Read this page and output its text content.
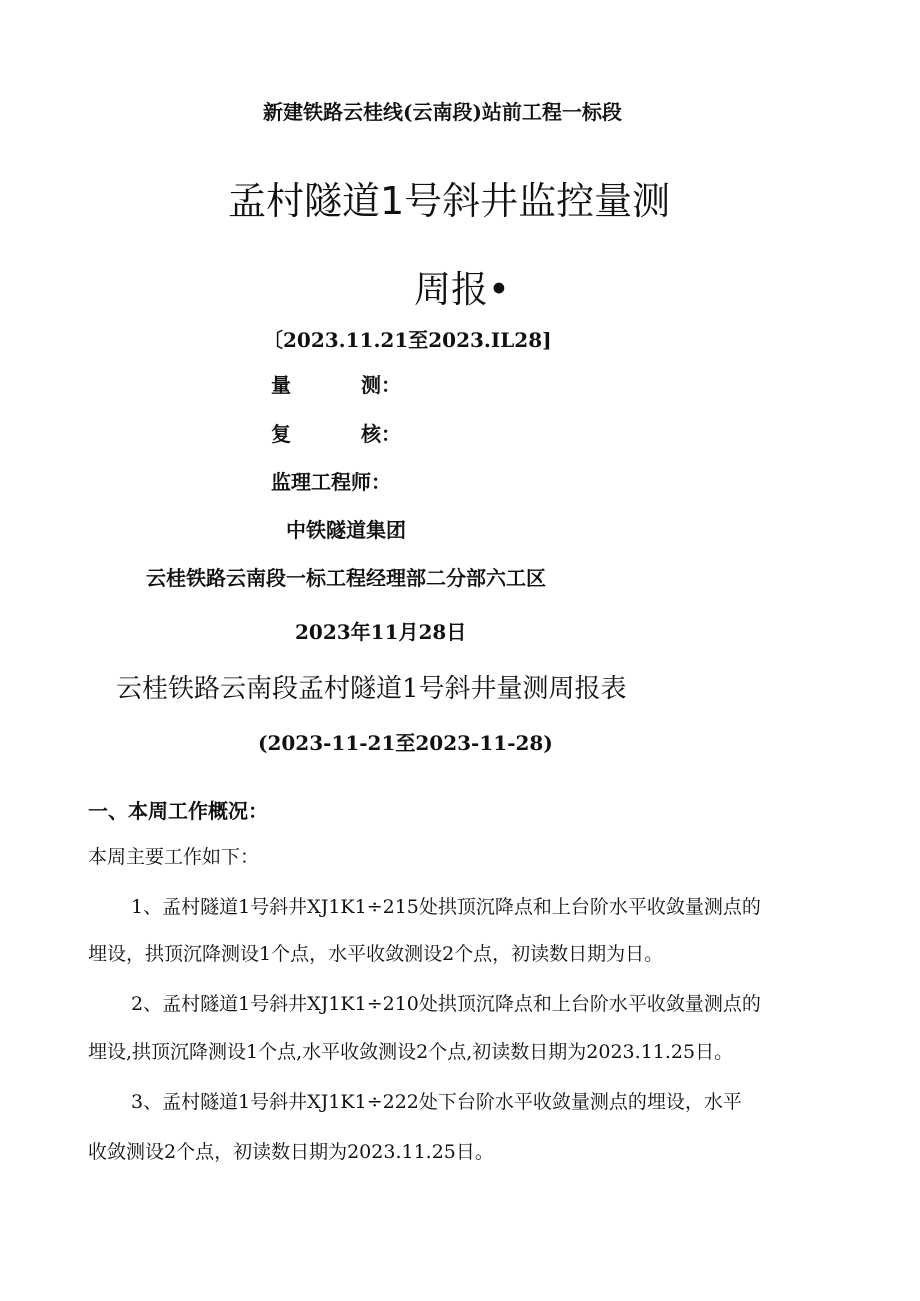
新建铁路云桂线(云南段)站前工程一标段
孟村隧道1号斜井监控量测
周报•
〔2023.11.21至2023.IL28]
量	测：
复	核：
监理工程师：
中铁隧道集团
云桂铁路云南段一标工程经理部二分部六工区
2023年11月28日
云桂铁路云南段孟村隧道1号斜井量测周报表
(2023-11-21至2023-11-28)
一、本周工作概况：
本周主要工作如下：
1、孟村隧道1号斜井XJ1K1÷215处拱顶沉降点和上台阶水平收敛量测点的
埋设，拱顶沉降测设1个点，水平收敛测设2个点，初读数日期为日。
2、孟村隧道1号斜井XJ1K1÷210处拱顶沉降点和上台阶水平收敛量测点的
埋设,拱顶沉降测设1个点,水平收敛测设2个点,初读数日期为2023.11.25日。
3、孟村隧道1号斜井XJ1K1÷222处下台阶水平收敛量测点的埋设，水平
收敛测设2个点，初读数日期为2023.11.25日。
